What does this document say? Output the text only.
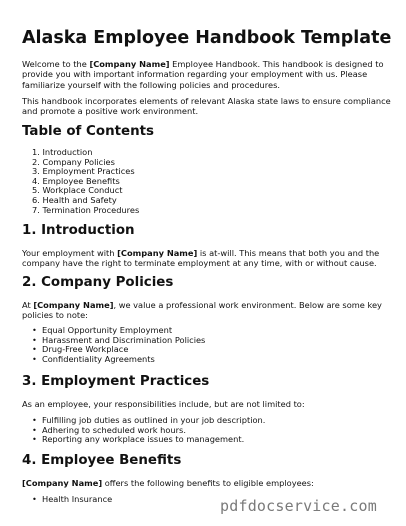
Alaska Employee Handbook Template

Welcome to the [Company Name] Employee Handbook. This handbook is designed to provide you with important information regarding your employment with us. Please familiarize yourself with the following policies and procedures.

This handbook incorporates elements of relevant Alaska state laws to ensure compliance and promote a positive work environment.

Table of Contents
1. Introduction
2. Company Policies
3. Employment Practices
4. Employee Benefits
5. Workplace Conduct
6. Health and Safety
7. Termination Procedures
1. Introduction

Your employment with [Company Name] is at-will. This means that both you and the company have the right to terminate employment at any time, with or without cause.

2. Company Policies

At [Company Name], we value a professional work environment. Below are some key policies to note:

• Equal Opportunity Employment
• Harassment and Discrimination Policies
• Drug-Free Workplace
• Confidentiality Agreements
3. Employment Practices

As an employee, your responsibilities include, but are not limited to:

• Fulfilling job duties as outlined in your job description.
• Adhering to scheduled work hours.
• Reporting any workplace issues to management.
4. Employee Benefits

[Company Name] offers the following benefits to eligible employees:

• Health Insurance	pdfdocservice.com
